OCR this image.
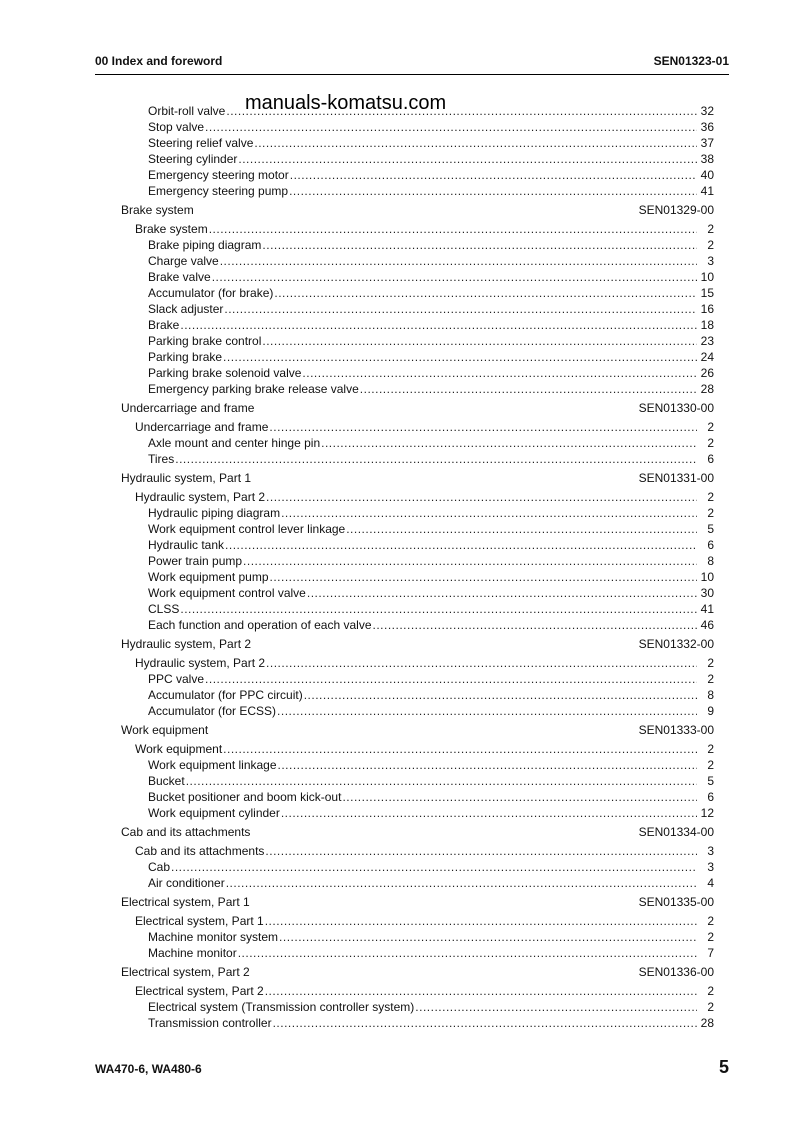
00 Index and foreword	SEN01323-01
manuals-komatsu.com
Orbit-roll valve .....	32
Stop valve .....	36
Steering relief valve .....	37
Steering cylinder .....	38
Emergency steering motor .....	40
Emergency steering pump .....	41
Brake system	SEN01329-00
Brake system .....	2
Brake piping diagram .....	2
Charge valve .....	3
Brake valve .....	10
Accumulator (for brake) .....	15
Slack adjuster .....	16
Brake .....	18
Parking brake control .....	23
Parking brake .....	24
Parking brake solenoid valve .....	26
Emergency parking brake release valve .....	28
Undercarriage and frame	SEN01330-00
Undercarriage and frame .....	2
Axle mount and center hinge pin .....	2
Tires .....	6
Hydraulic system, Part 1	SEN01331-00
Hydraulic system, Part 2 .....	2
Hydraulic piping diagram .....	2
Work equipment control lever linkage .....	5
Hydraulic tank .....	6
Power train pump .....	8
Work equipment pump .....	10
Work equipment control valve .....	30
CLSS .....	41
Each function and operation of each valve .....	46
Hydraulic system, Part 2	SEN01332-00
Hydraulic system, Part 2 .....	2
PPC valve .....	2
Accumulator (for PPC circuit) .....	8
Accumulator (for ECSS) .....	9
Work equipment	SEN01333-00
Work equipment .....	2
Work equipment linkage .....	2
Bucket .....	5
Bucket positioner and boom kick-out .....	6
Work equipment cylinder .....	12
Cab and its attachments	SEN01334-00
Cab and its attachments .....	3
Cab .....	3
Air conditioner .....	4
Electrical system, Part 1	SEN01335-00
Electrical system, Part 1 .....	2
Machine monitor system .....	2
Machine monitor .....	7
Electrical system, Part 2	SEN01336-00
Electrical system, Part 2 .....	2
Electrical system (Transmission controller system) .....	2
Transmission controller .....	28
WA470-6, WA480-6	5
